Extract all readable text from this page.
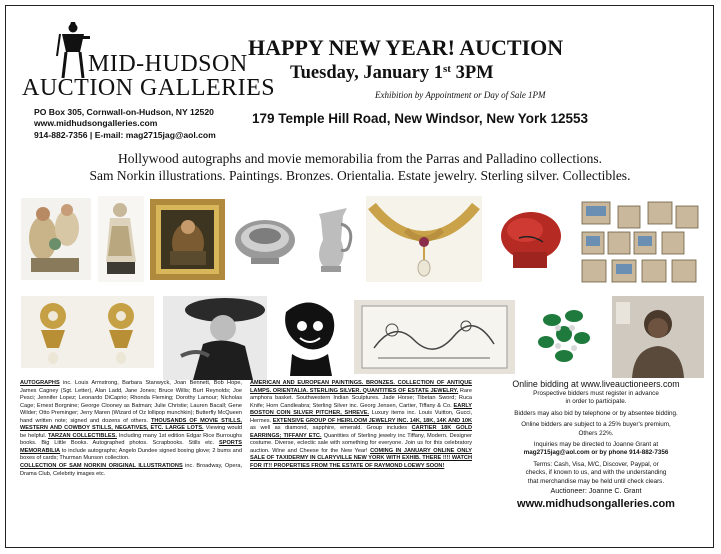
MID-HUDSON
AUCTION GALLERIES
PO Box 305, Cornwall-on-Hudson, NY 12520
www.midhudsongalleries.com
914-882-7356 | E-mail: mag2715jag@aol.com
HAPPY NEW YEAR! AUCTION
Tuesday, January 1st 3PM
Exhibition by Appointment or Day of Sale 1PM
179 Temple Hill Road, New Windsor, New York 12553
Hollywood autographs and movie memorabilia from the Parras and Palladino collections.
Sam Norkin illustrations. Paintings. Bronzes. Orientalia. Estate jewelry. Sterling silver. Collectibles.
AUTOGRAPHS inc. Louis Armstrong, Barbara Stanwyck, Joan Bennett, Bob Hope, James Cagney (Sgt. Letter), Alan Ladd, Jane Jones; Bruce Willis; Burt Reynolds; Joe Pesci; Jennifer Lopez; Leonardo DiCaprio; Rhonda Fleming; Dorothy Lamour; Nicholas Cage; Ernest Borgnine; George Clooney as Batman; Julie Christie; Lauren Bacall; Gene Wilder; Otto Preminger; Jerry Maren (Wizard of Oz lollipop munchkin); Butterfly McQueen hand written note; signed and dozens of others. THOUSANDS OF MOVIE STILLS, WESTERN AND COWBOY STILLS, NEGATIVES, ETC. LARGE LOTS. Viewing would be helpful. TARZAN COLLECTIBLES. Including many 1st edition Edgar Rice Burroughs books. Big Little Books. Autographed photos. Scrapbooks. Stills etc. SPORTS MEMORABILIA to include autographs; Angelo Dundee signed boxing glove; 2 bums and boxes of cards; Thurman Munson collection.
COLLECTION OF SAM NORKIN ORIGINAL ILLUSTRATIONS inc. Broadway, Opera, Drama Club, Celebrity images etc.
AMERICAN AND EUROPEAN PAINTINGS. BRONZES. COLLECTION OF ANTIQUE LAMPS. ORIENTALIA. STERLING SILVER. QUANTITIES OF ESTATE JEWELRY. Rare amphora basket. Southwestern Indian Sculptures. Jade Horse; Tibetan Sword; Ruca Knife; Horn Candleabra; Sterling Silver inc. Georg Jensen, Cartier, Tiffany & Co. EARLY BOSTON COIN SILVER PITCHER, SHREVE. Luxury items inc. Louis Vuitton, Gucci, Hermes. EXTENSIVE GROUP OF HEIRLOOM JEWELRY INC. 14K, 18K, 14K AND 10K as well as diamond, sapphire, emerald. Group includes CARTIER 18K GOLD EARRINGS; TIFFANY ETC. Quantities of Sterling jewelry inc Tiffany, Modern. Designer costume. Diverse, eclectic sale with something for everyone. Join us for this celebratory auction. Wine and Cheese for the New Year! COMING IN JANUARY ONLINE ONLY SALE OF TAXIDERMY IN CLARYVILLE NEW YORK WITH EXHIB. THERE !!!! WATCH FOR IT!! PROPERTIES FROM THE ESTATE OF RAYMOND LOEWY SOON!
Online bidding at www.liveauctioneers.com
Prospective bidders must register in advance
in order to participate.
Bidders may also bid by telephone or by absentee bidding.
Online bidders are subject to a 25% buyer's premium,
Others 22%.
Inquiries may be directed to Joanne Grant at
mag2715jag@aol.com or by phone 914-882-7356
Terms: Cash, Visa, M/C, Discover, Paypal, or
checks, if known to us, and with the understanding
that merchandise may be held until check clears.
Auctioneer: Joanne C. Grant
www.midhudsongalleries.com
